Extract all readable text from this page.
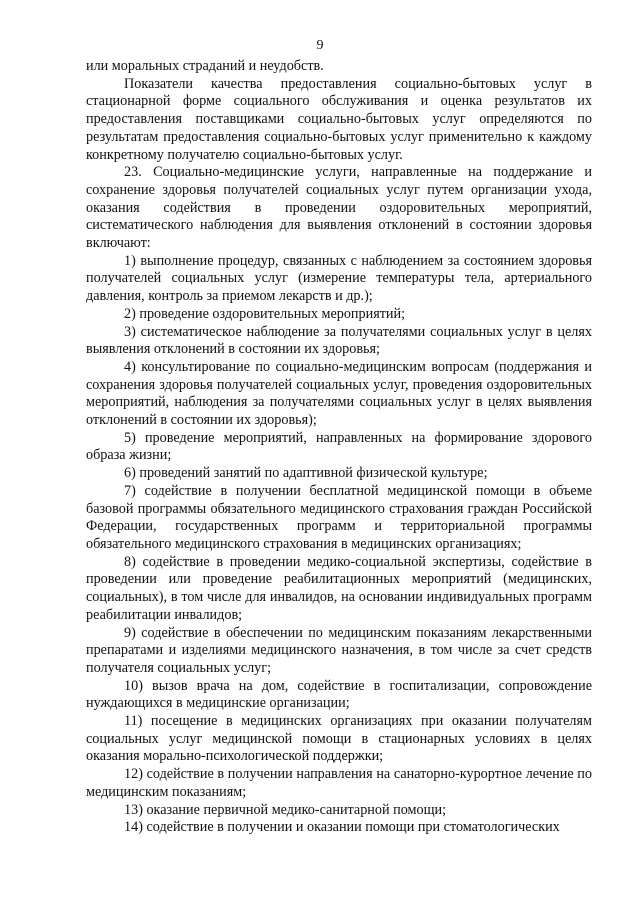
9

или моральных страданий и неудобств.

Показатели качества предоставления социально-бытовых услуг в стационарной форме социального обслуживания и оценка результатов их предоставления поставщиками социально-бытовых услуг определяются по результатам предоставления социально-бытовых услуг применительно к каждому конкретному получателю социально-бытовых услуг.

23. Социально-медицинские услуги, направленные на поддержание и сохранение здоровья получателей социальных услуг путем организации ухода, оказания содействия в проведении оздоровительных мероприятий, систематического наблюдения для выявления отклонений в состоянии здоровья включают:

1) выполнение процедур, связанных с наблюдением за состоянием здоровья получателей социальных услуг (измерение температуры тела, артериального давления, контроль за приемом лекарств и др.);

2) проведение оздоровительных мероприятий;

3) систематическое наблюдение за получателями социальных услуг в целях выявления отклонений в состоянии их здоровья;

4) консультирование по социально-медицинским вопросам (поддержания и сохранения здоровья получателей социальных услуг, проведения оздоровительных мероприятий, наблюдения за получателями социальных услуг в целях выявления отклонений в состоянии их здоровья);

5) проведение мероприятий, направленных на формирование здорового образа жизни;

6) проведений занятий по адаптивной физической культуре;

7) содействие в получении бесплатной медицинской помощи в объеме базовой программы обязательного медицинского страхования граждан Российской Федерации, государственных программ и территориальной программы обязательного медицинского страхования в медицинских организациях;

8) содействие в проведении медико-социальной экспертизы, содействие в проведении или проведение реабилитационных мероприятий (медицинских, социальных), в том числе для инвалидов, на основании индивидуальных программ реабилитации инвалидов;

9) содействие в обеспечении по медицинским показаниям лекарственными препаратами и изделиями медицинского назначения, в том числе за счет средств получателя социальных услуг;

10) вызов врача на дом, содействие в госпитализации, сопровождение нуждающихся в медицинские организации;

11) посещение в медицинских организациях при оказании получателям социальных услуг медицинской помощи в стационарных условиях в целях оказания морально-психологической поддержки;

12) содействие в получении направления на санаторно-курортное лечение по медицинским показаниям;

13) оказание первичной медико-санитарной помощи;

14) содействие в получении и оказании помощи при стоматологических
